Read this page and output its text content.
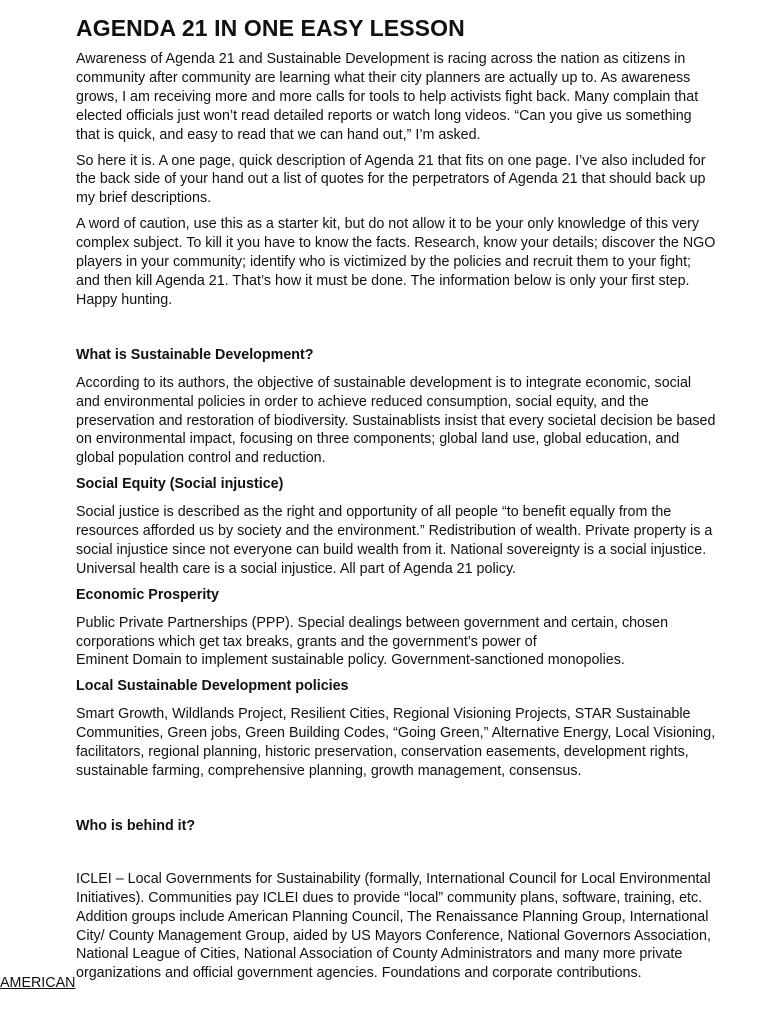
AGENDA 21 IN ONE EASY LESSON

Awareness of Agenda 21 and Sustainable Development is racing across the nation as citizens in community after community are learning what their city planners are actually up to. As awareness grows, I am receiving more and more calls for tools to help activists fight back. Many complain that elected officials just won’t read detailed reports or watch long videos. “Can you give us something that is quick, and easy to read that we can hand out,” I’m asked.

So here it is. A one page, quick description of Agenda 21 that fits on one page. I’ve also included for the back side of your hand out a list of quotes for the perpetrators of Agenda 21 that should back up my brief descriptions.

A word of caution, use this as a starter kit, but do not allow it to be your only knowledge of this very complex subject. To kill it you have to know the facts. Research, know your details; discover the NGO players in your community; identify who is victimized by the policies and recruit them to your fight; and then kill Agenda 21. That’s how it must be done. The information below is only your first step. Happy hunting.

What is Sustainable Development?

According to its authors, the objective of sustainable development is to integrate economic, social and environmental policies in order to achieve reduced consumption, social equity, and the preservation and restoration of biodiversity. Sustainablists insist that every societal decision be based on environmental impact, focusing on three components; global land use, global education, and global population control and reduction.

Social Equity (Social injustice)

Social justice is described as the right and opportunity of all people “to benefit equally from the resources afforded us by society and the environment.” Redistribution of wealth. Private property is a social injustice since not everyone can build wealth from it. National sovereignty is a social injustice. Universal health care is a social injustice. All part of Agenda 21 policy.

Economic Prosperity

Public Private Partnerships (PPP). Special dealings between government and certain, chosen corporations which get tax breaks, grants and the government’s power of

Eminent Domain to implement sustainable policy. Government-sanctioned monopolies.

Local Sustainable Development policies

Smart Growth, Wildlands Project, Resilient Cities, Regional Visioning Projects, STAR Sustainable Communities, Green jobs, Green Building Codes, “Going Green,” Alternative Energy, Local Visioning, facilitators, regional planning, historic preservation, conservation easements, development rights, sustainable farming, comprehensive planning, growth management, consensus.

Who is behind it?

ICLEI – Local Governments for Sustainability (formally, International Council for Local Environmental Initiatives). Communities pay ICLEI dues to provide “local” community plans, software, training, etc. Addition groups include American Planning Council, The Renaissance Planning Group, International City/ County Management Group, aided by US Mayors Conference, National Governors Association, National League of Cities, National Association of County Administrators and many more private organizations and official government agencies. Foundations and corporate contributions.

AMERICAN
